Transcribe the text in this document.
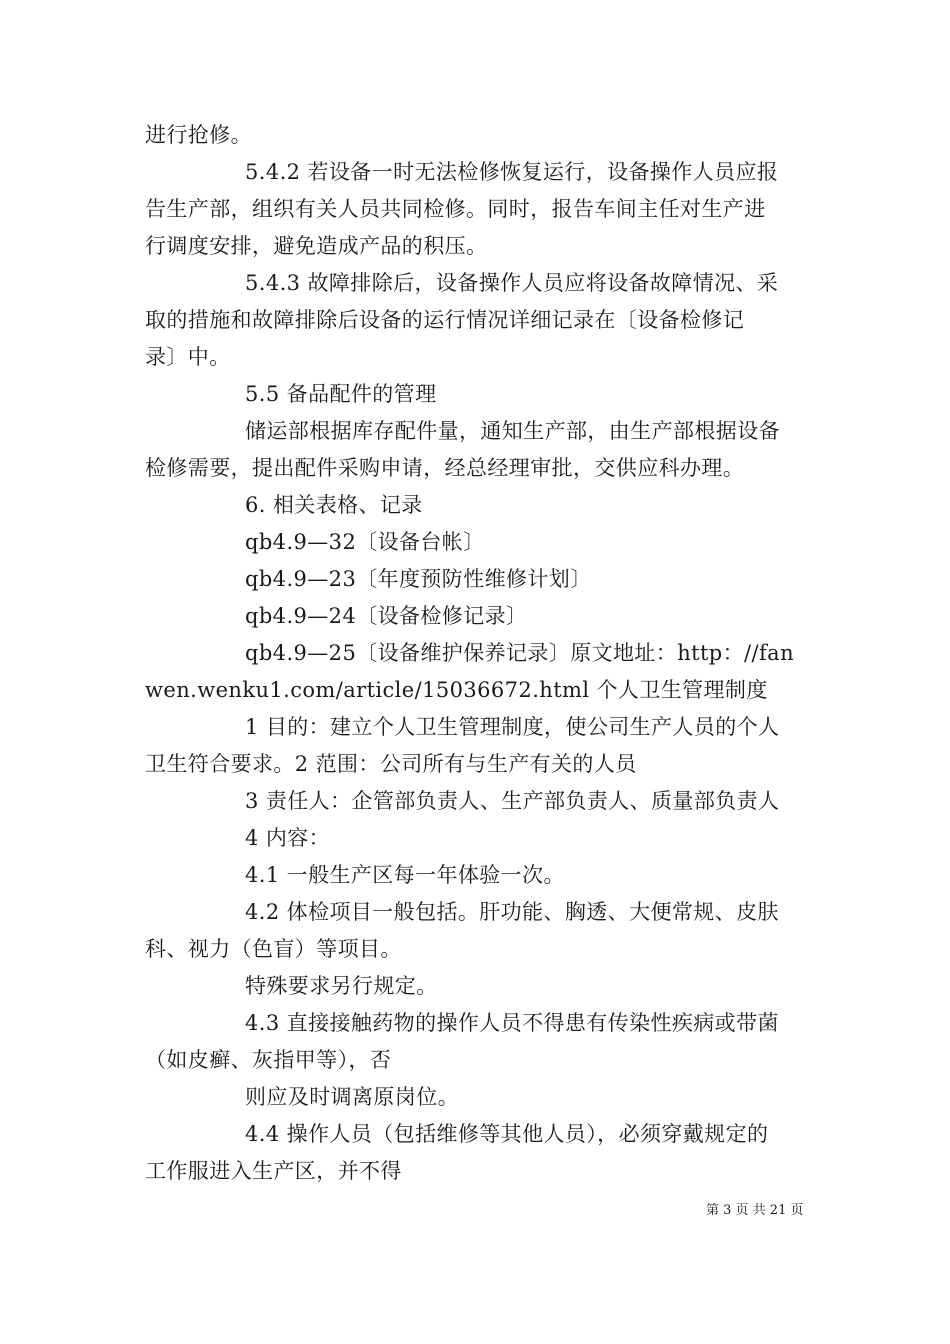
进行抢修。
5.4.2 若设备一时无法检修恢复运行，设备操作人员应报
告生产部，组织有关人员共同检修。同时，报告车间主任对生产进
行调度安排，避免造成产品的积压。
5.4.3 故障排除后，设备操作人员应将设备故障情况、采
取的措施和故障排除后设备的运行情况详细记录在〔设备检修记
录〕中。
5.5 备品配件的管理
储运部根据库存配件量，通知生产部，由生产部根据设备
检修需要，提出配件采购申请，经总经理审批，交供应科办理。
6. 相关表格、记录
qb4.9—32〔设备台帐〕
qb4.9—23〔年度预防性维修计划〕
qb4.9—24〔设备检修记录〕
qb4.9—25〔设备维护保养记录〕原文地址：http：//fan
wen.wenku1.com/article/15036672.html 个人卫生管理制度
1 目的：建立个人卫生管理制度，使公司生产人员的个人
卫生符合要求。2 范围：公司所有与生产有关的人员
3 责任人：企管部负责人、生产部负责人、质量部负责人
4 内容：
4.1 一般生产区每一年体验一次。
4.2 体检项目一般包括。肝功能、胸透、大便常规、皮肤
科、视力（色盲）等项目。
特殊要求另行规定。
4.3 直接接触药物的操作人员不得患有传染性疾病或带菌
（如皮癣、灰指甲等），否
则应及时调离原岗位。
4.4 操作人员（包括维修等其他人员），必须穿戴规定的
工作服进入生产区，并不得
第 3 页 共 21 页
